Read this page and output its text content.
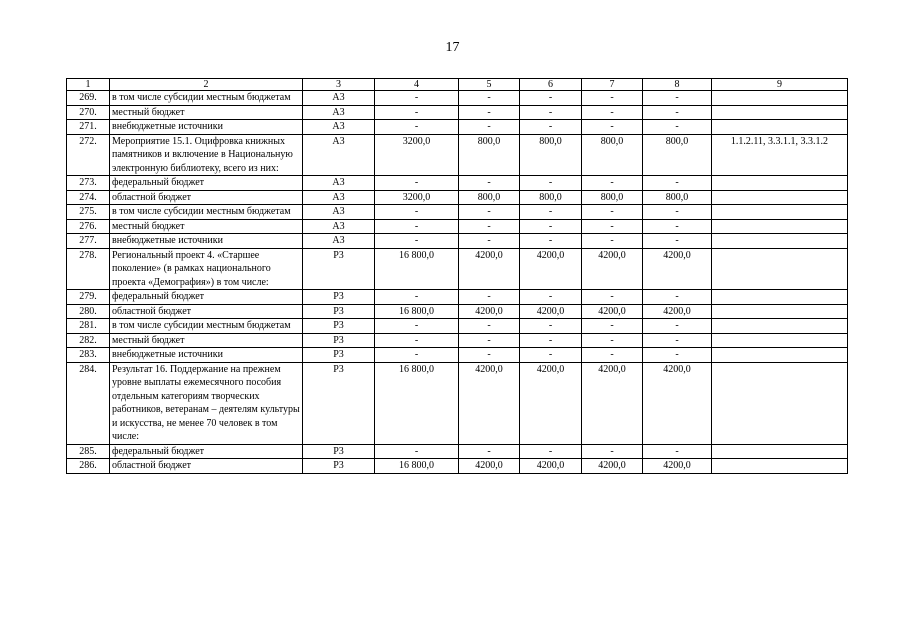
17
1	2	3	4	5	6	7	8	9
269.	в том числе субсидии местным бюджетам	А3	-	-	-	-	-	
270.	местный бюджет	А3	-	-	-	-	-	
271.	внебюджетные источники	А3	-	-	-	-	-	
272.	Мероприятие 15.1. Оцифровка книжных памятников и включение в Национальную электронную библиотеку, всего из них:	А3	3200,0	800,0	800,0	800,0	800,0	1.1.2.11, 3.3.1.1, 3.3.1.2
273.	федеральный бюджет	А3	-	-	-	-	-	
274.	областной бюджет	А3	3200,0	800,0	800,0	800,0	800,0	
275.	в том числе субсидии местным бюджетам	А3	-	-	-	-	-	
276.	местный бюджет	А3	-	-	-	-	-	
277.	внебюджетные источники	А3	-	-	-	-	-	
278.	Региональный проект 4. «Старшее поколение» (в рамках национального проекта «Демография») в том числе:	Р3	16 800,0	4200,0	4200,0	4200,0	4200,0	
279.	федеральный бюджет	Р3	-	-	-	-	-	
280.	областной бюджет	Р3	16 800,0	4200,0	4200,0	4200,0	4200,0	
281.	в том числе субсидии местным бюджетам	Р3	-	-	-	-	-	
282.	местный бюджет	Р3	-	-	-	-	-	
283.	внебюджетные источники	Р3	-	-	-	-	-	
284.	Результат 16. Поддержание на прежнем уровне выплаты ежемесячного пособия отдельным категориям творческих работников, ветеранам – деятелям культуры и искусства, не менее 70 человек в том числе:	Р3	16 800,0	4200,0	4200,0	4200,0	4200,0	
285.	федеральный бюджет	Р3	-	-	-	-	-	
286.	областной бюджет	Р3	16 800,0	4200,0	4200,0	4200,0	4200,0	
